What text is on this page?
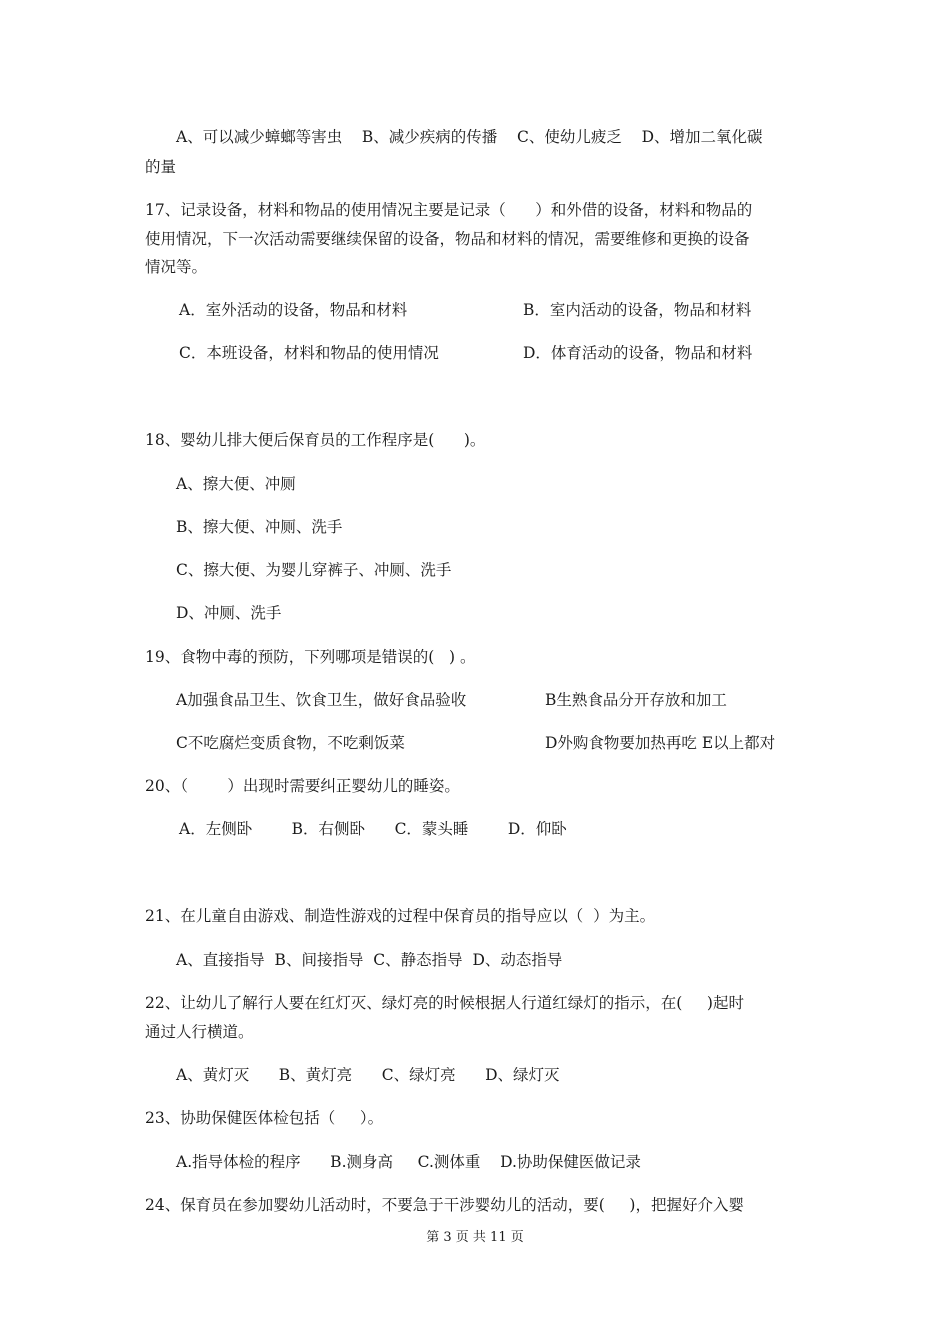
A、可以减少蟑螂等害虫    B、减少疾病的传播    C、使幼儿疲乏    D、增加二氧化碳

的量

17、记录设备，材料和物品的使用情况主要是记录（      ）和外借的设备，材料和物品的

使用情况，下一次活动需要继续保留的设备，物品和材料的情况，需要维修和更换的设备

情况等。

A．室外活动的设备，物品和材料	B．室内活动的设备，物品和材料

C．本班设备，材料和物品的使用情况	D．体育活动的设备，物品和材料

18、婴幼儿排大便后保育员的工作程序是(      )。

A、擦大便、冲厕

B、擦大便、冲厕、洗手

C、擦大便、为婴儿穿裤子、冲厕、洗手

D、冲厕、洗手

19、食物中毒的预防，下列哪项是错误的(   ) 。

A加强食品卫生、饮食卫生，做好食品验收	B生熟食品分开存放和加工

C不吃腐烂变质食物，不吃剩饭菜	D外购食物要加热再吃 E以上都对

20、（        ）出现时需要纠正婴幼儿的睡姿。

A．左侧卧        B．右侧卧      C．蒙头睡        D．仰卧

21、在儿童自由游戏、制造性游戏的过程中保育员的指导应以（  ）为主。

A、直接指导  B、间接指导  C、静态指导  D、动态指导

22、让幼儿了解行人要在红灯灭、绿灯亮的时候根据人行道红绿灯的指示，在(     )起时

通过人行横道。

A、黄灯灭      B、黄灯亮      C、绿灯亮      D、绿灯灭

23、协助保健医体检包括（     ）。

A.指导体检的程序      B.测身高     C.测体重    D.协助保健医做记录

24、保育员在参加婴幼儿活动时，不要急于干涉婴幼儿的活动，要(     )，把握好介入婴

第 3 页 共 11 页
